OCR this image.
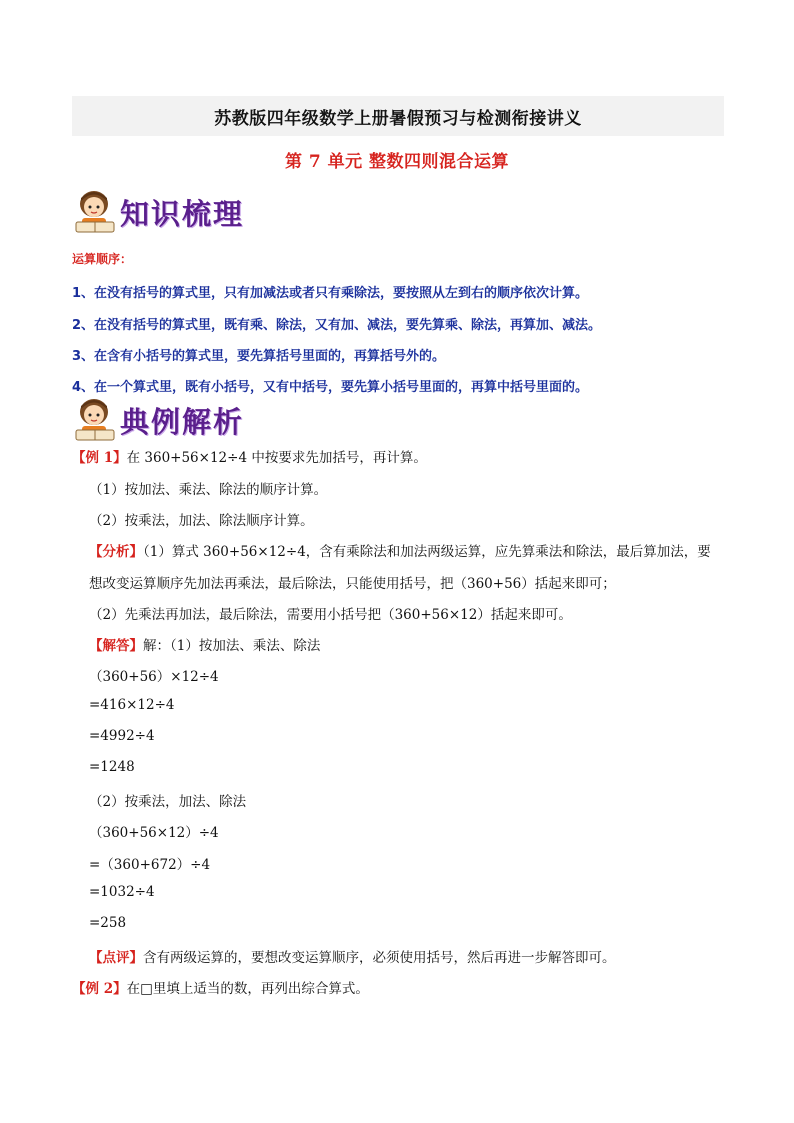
苏教版四年级数学上册暑假预习与检测衔接讲义
第 7 单元 整数四则混合运算
知识梳理
运算顺序：
1、在没有括号的算式里，只有加减法或者只有乘除法，要按照从左到右的顺序依次计算。
2、在没有括号的算式里，既有乘、除法，又有加、减法，要先算乘、除法，再算加、减法。
3、在含有小括号的算式里，要先算括号里面的，再算括号外的。
4、在一个算式里，既有小括号，又有中括号，要先算小括号里面的，再算中括号里面的。
典例解析
【例 1】在 360+56×12÷4 中按要求先加括号，再计算。
（1）按加法、乘法、除法的顺序计算。
（2）按乘法，加法、除法顺序计算。
【分析】（1）算式 360+56×12÷4，含有乘除法和加法两级运算，应先算乘法和除法，最后算加法，要
想改变运算顺序先加法再乘法，最后除法，只能使用括号，把（360+56）括起来即可；
（2）先乘法再加法，最后除法，需要用小括号把（360+56×12）括起来即可。
【解答】解：（1）按加法、乘法、除法
（360+56）×12÷4
=416×12÷4
=4992÷4
=1248
（2）按乘法，加法、除法
（360+56×12）÷4
=（360+672）÷4
=1032÷4
=258
【点评】含有两级运算的，要想改变运算顺序，必须使用括号，然后再进一步解答即可。
【例 2】在□里填上适当的数，再列出综合算式。
